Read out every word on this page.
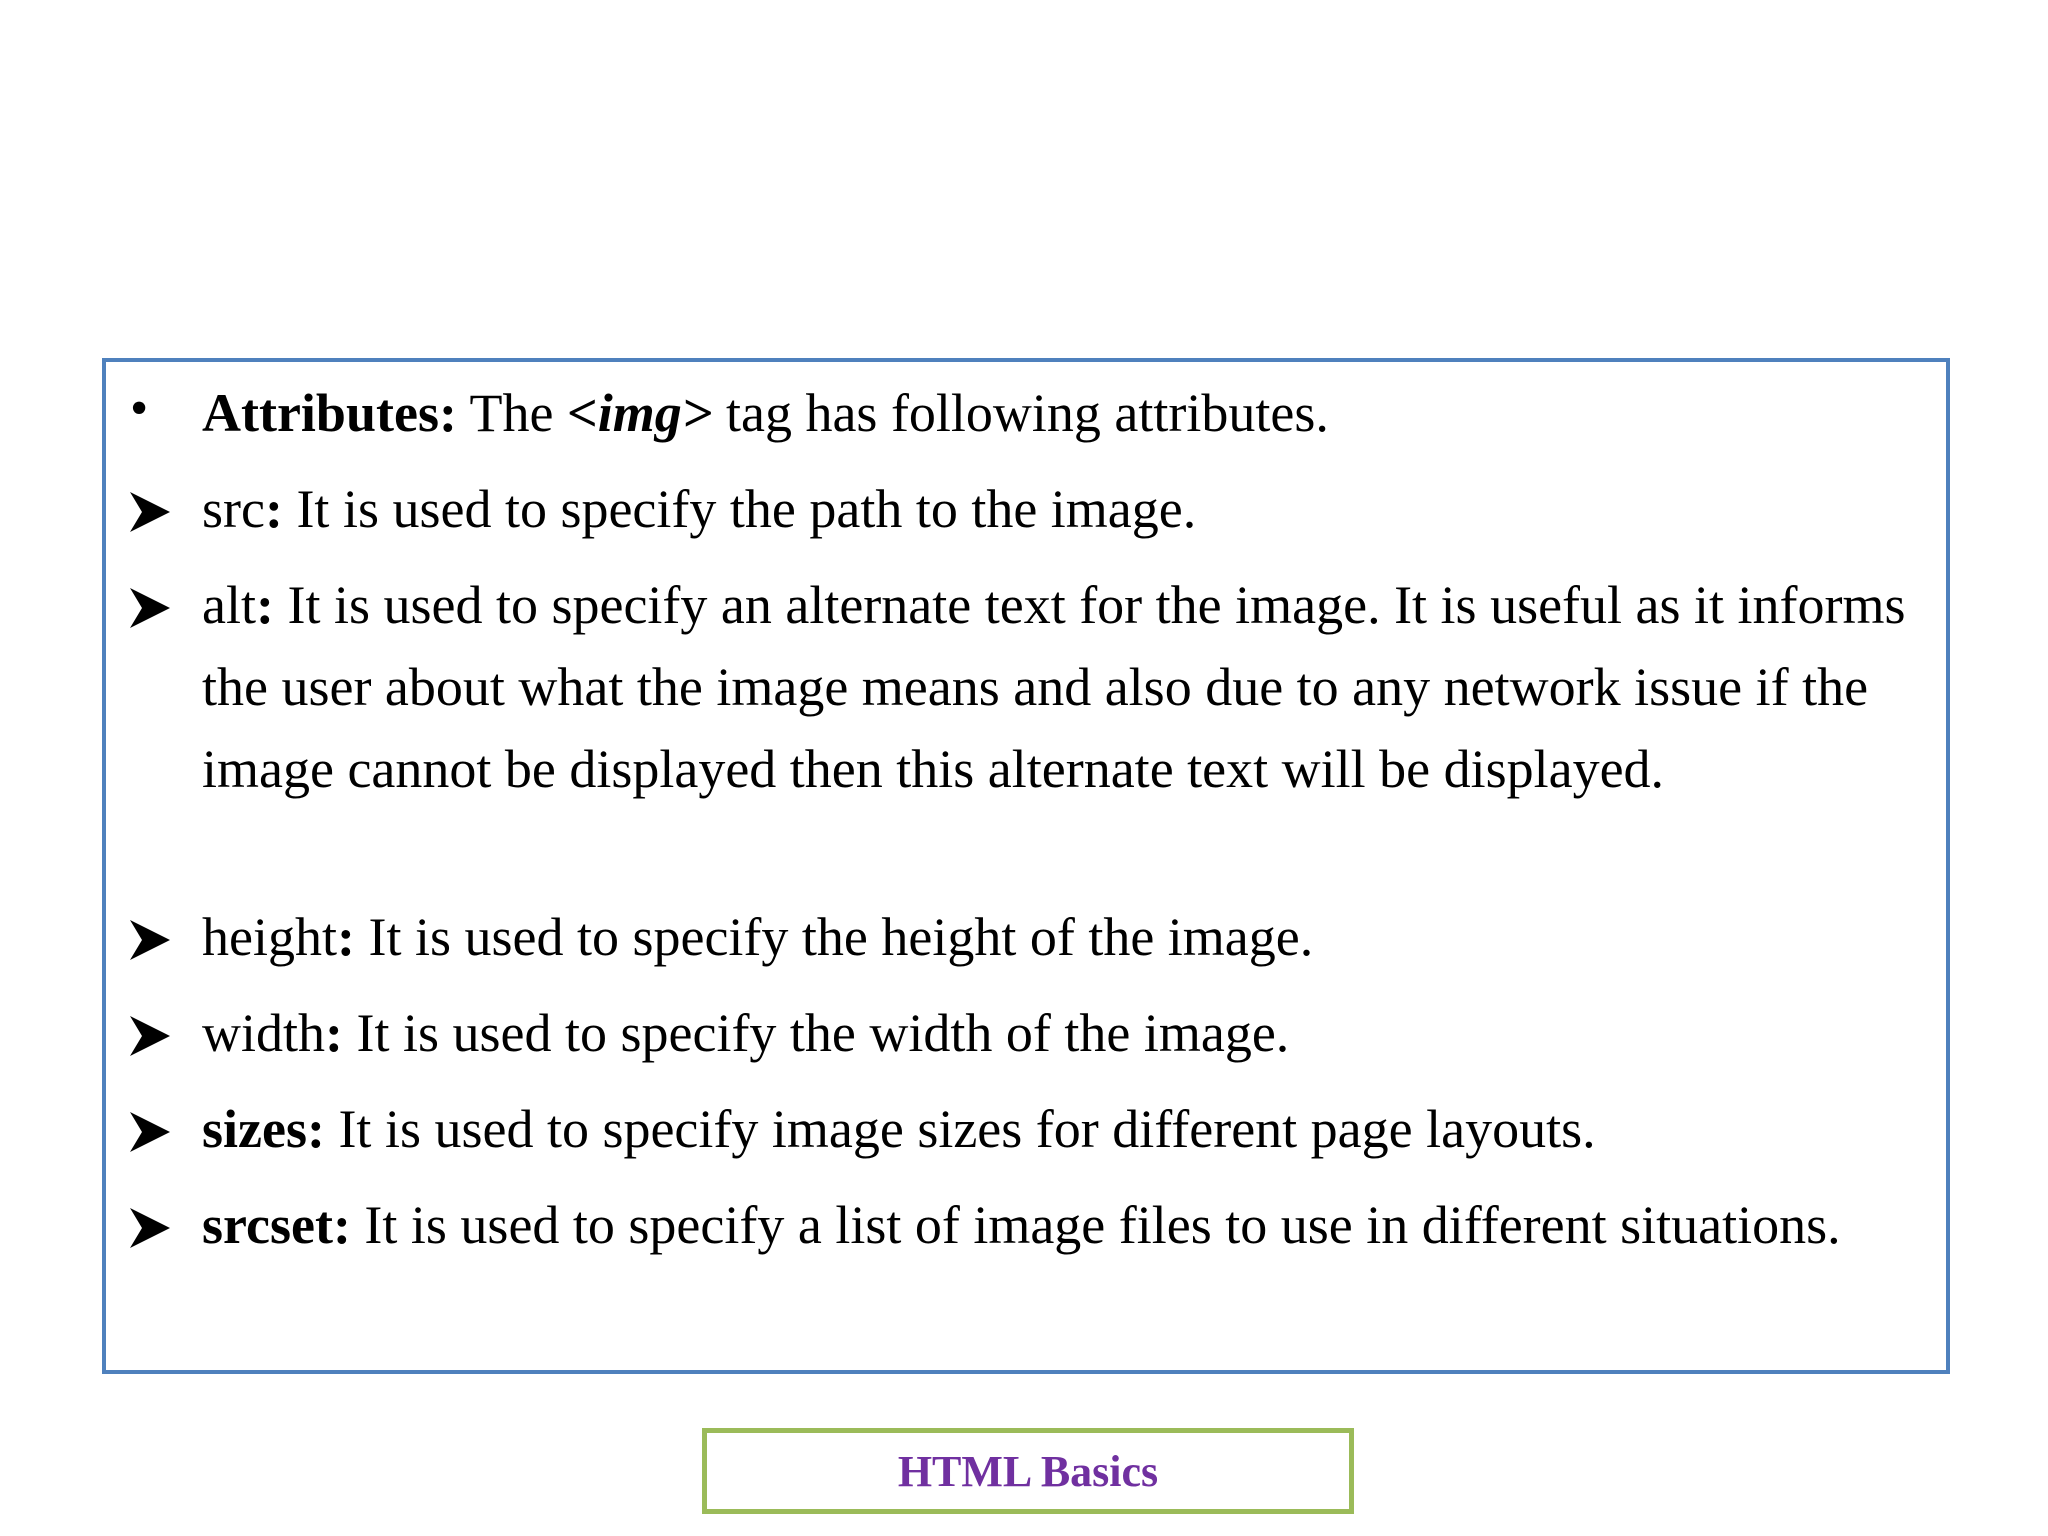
• Attributes: The <img> tag has following attributes.
src: It is used to specify the path to the image.
alt: It is used to specify an alternate text for the image. It is useful as it informs the user about what the image means and also due to any network issue if the image cannot be displayed then this alternate text will be displayed.
height: It is used to specify the height of the image.
width: It is used to specify the width of the image.
sizes: It is used to specify image sizes for different page layouts.
srcset: It is used to specify a list of image files to use in different situations.
HTML Basics
